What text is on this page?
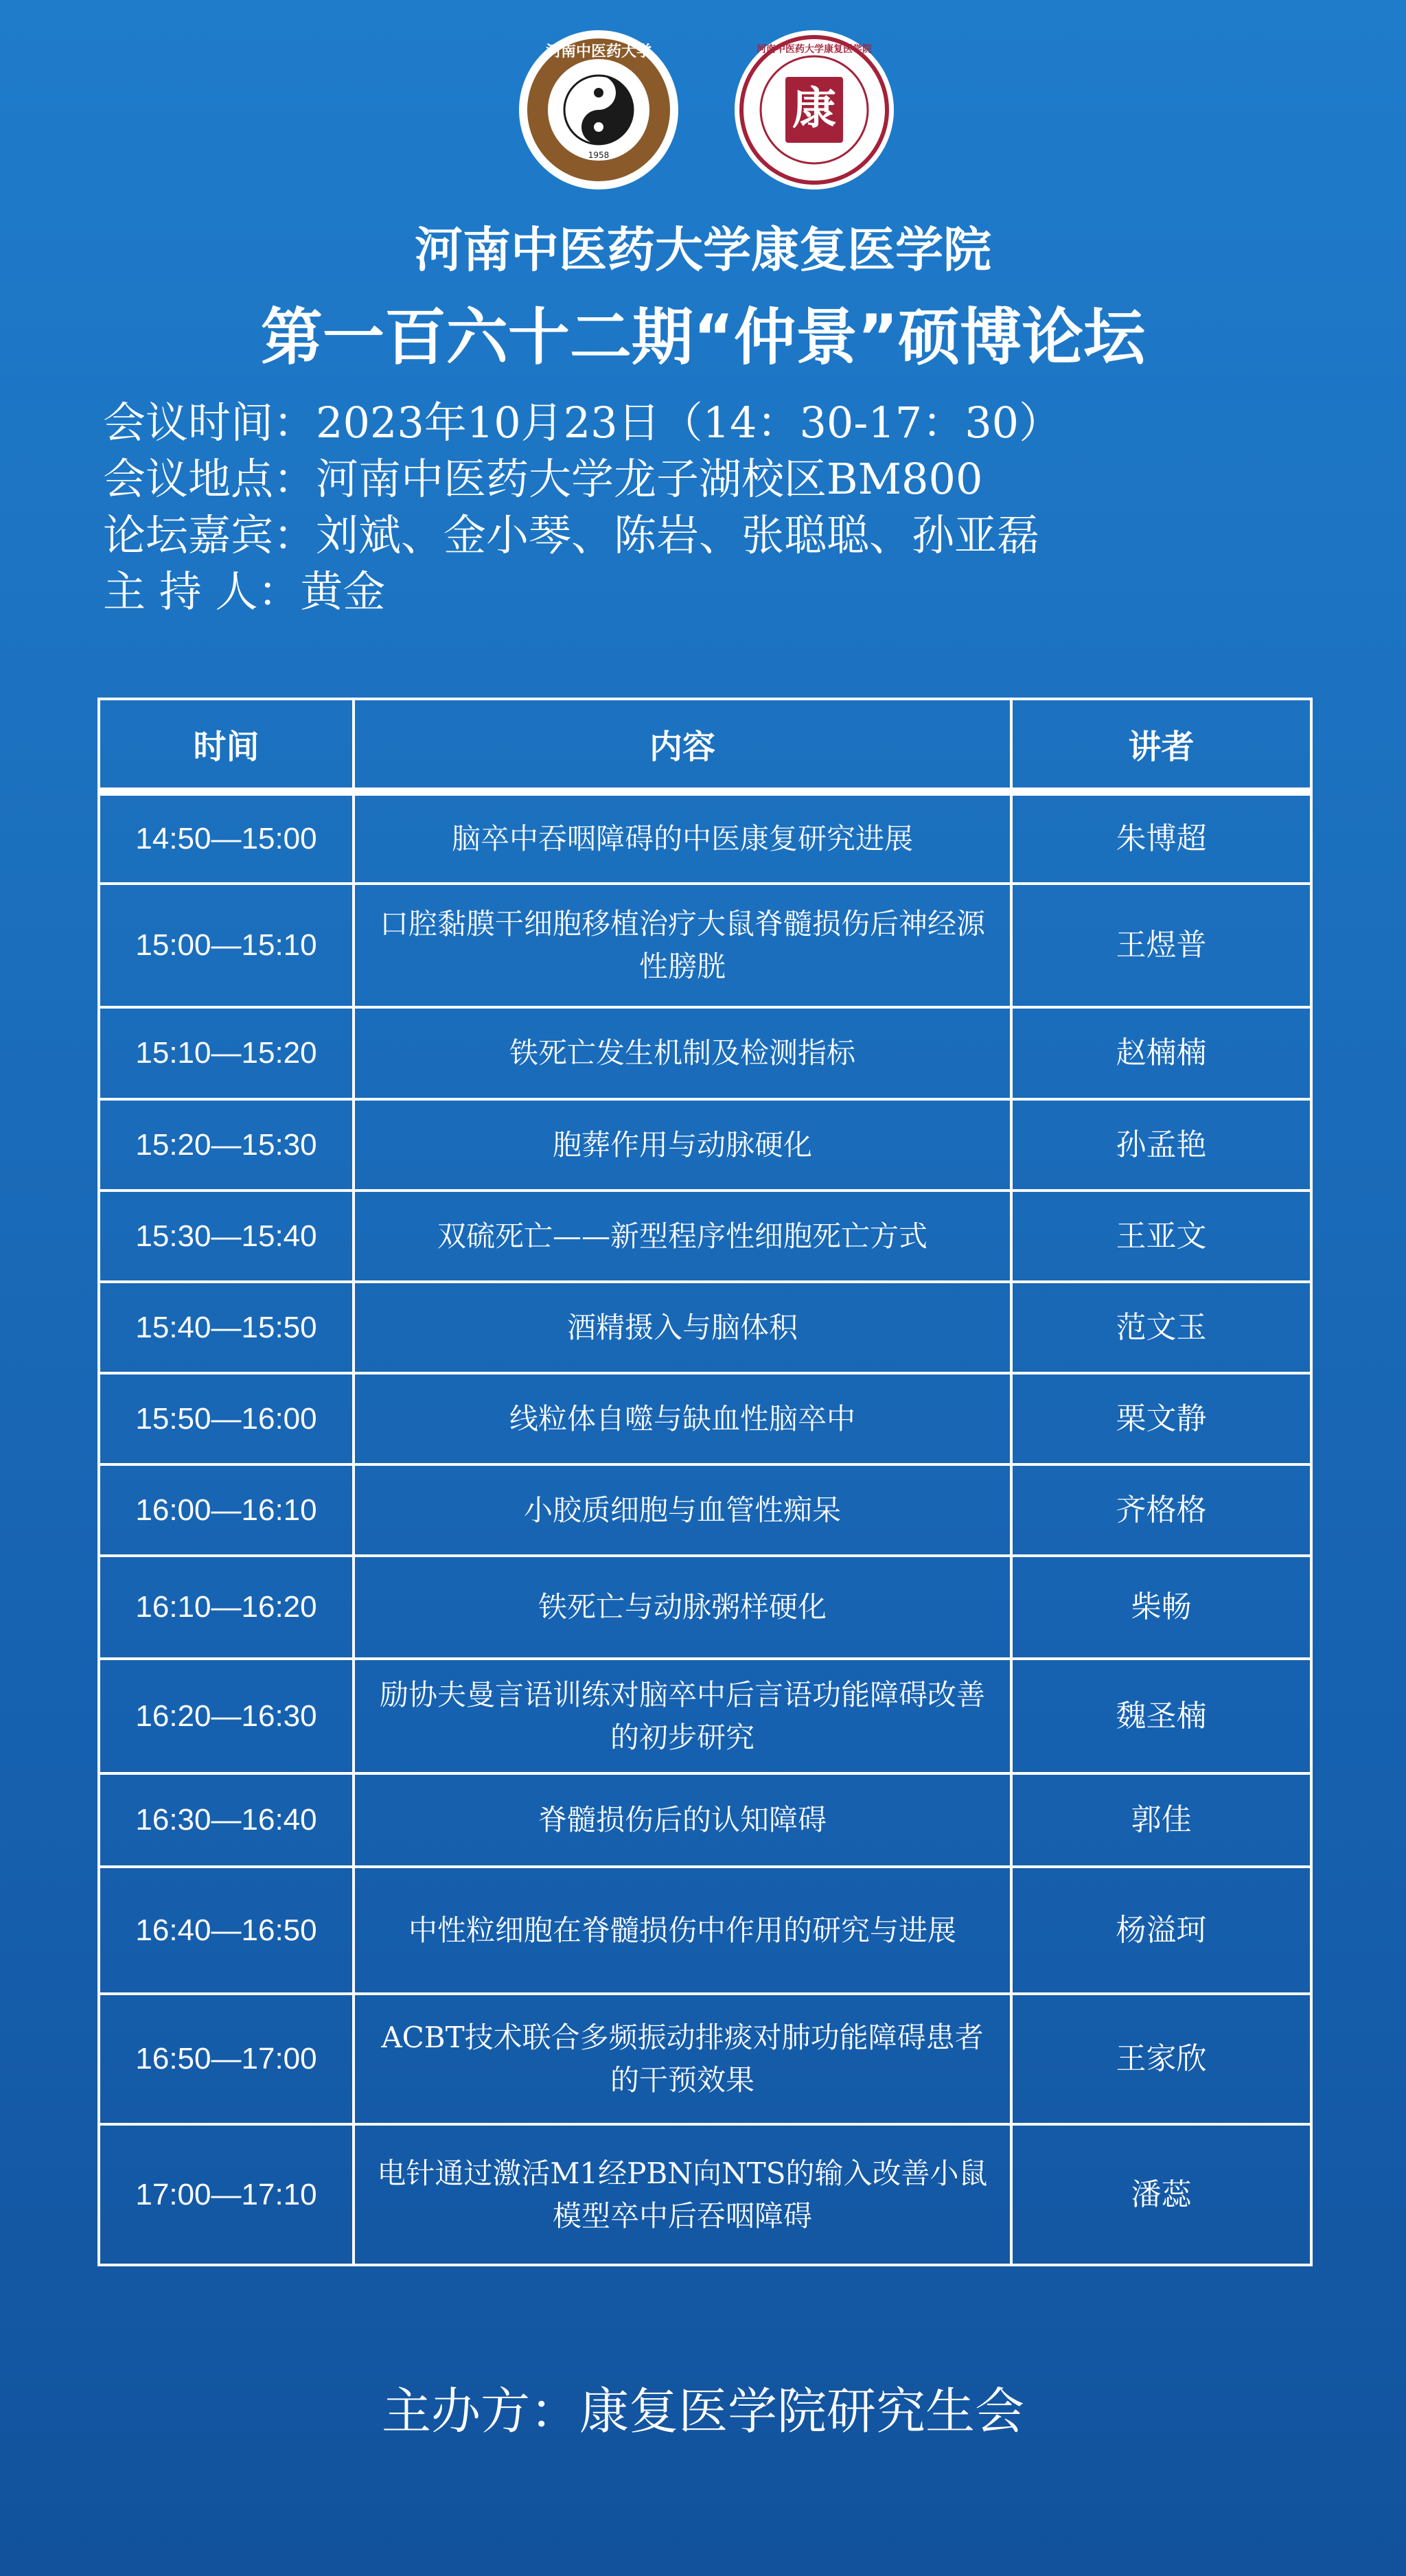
1958
河南中医药大学
康
河南中医药大学康复医学院
河南中医药大学康复医学院
第一百六十二期“仲景”硕博论坛
会议时间：2023年10月23日（14：30-17：30）
会议地点：河南中医药大学龙子湖校区BM800
论坛嘉宾：刘斌、金小琴、陈岩、张聪聪、孙亚磊
主 持 人：黄金
时间	内容	讲者
14:50—15:00	脑卒中吞咽障碍的中医康复研究进展	朱博超
15:00—15:10	口腔黏膜干细胞移植治疗大鼠脊髓损伤后神经源性膀胱	王煜普
15:10—15:20	铁死亡发生机制及检测指标	赵楠楠
15:20—15:30	胞葬作用与动脉硬化	孙孟艳
15:30—15:40	双硫死亡——新型程序性细胞死亡方式	王亚文
15:40—15:50	酒精摄入与脑体积	范文玉
15:50—16:00	线粒体自噬与缺血性脑卒中	栗文静
16:00—16:10	小胶质细胞与血管性痴呆	齐格格
16:10—16:20	铁死亡与动脉粥样硬化	柴畅
16:20—16:30	励协夫曼言语训练对脑卒中后言语功能障碍改善的初步研究	魏圣楠
16:30—16:40	脊髓损伤后的认知障碍	郭佳
16:40—16:50	中性粒细胞在脊髓损伤中作用的研究与进展	杨溢珂
16:50—17:00	ACBT技术联合多频振动排痰对肺功能障碍患者的干预效果	王家欣
17:00—17:10	电针通过激活M1经PBN向NTS的输入改善小鼠模型卒中后吞咽障碍	潘蕊

主办方：康复医学院研究生会
